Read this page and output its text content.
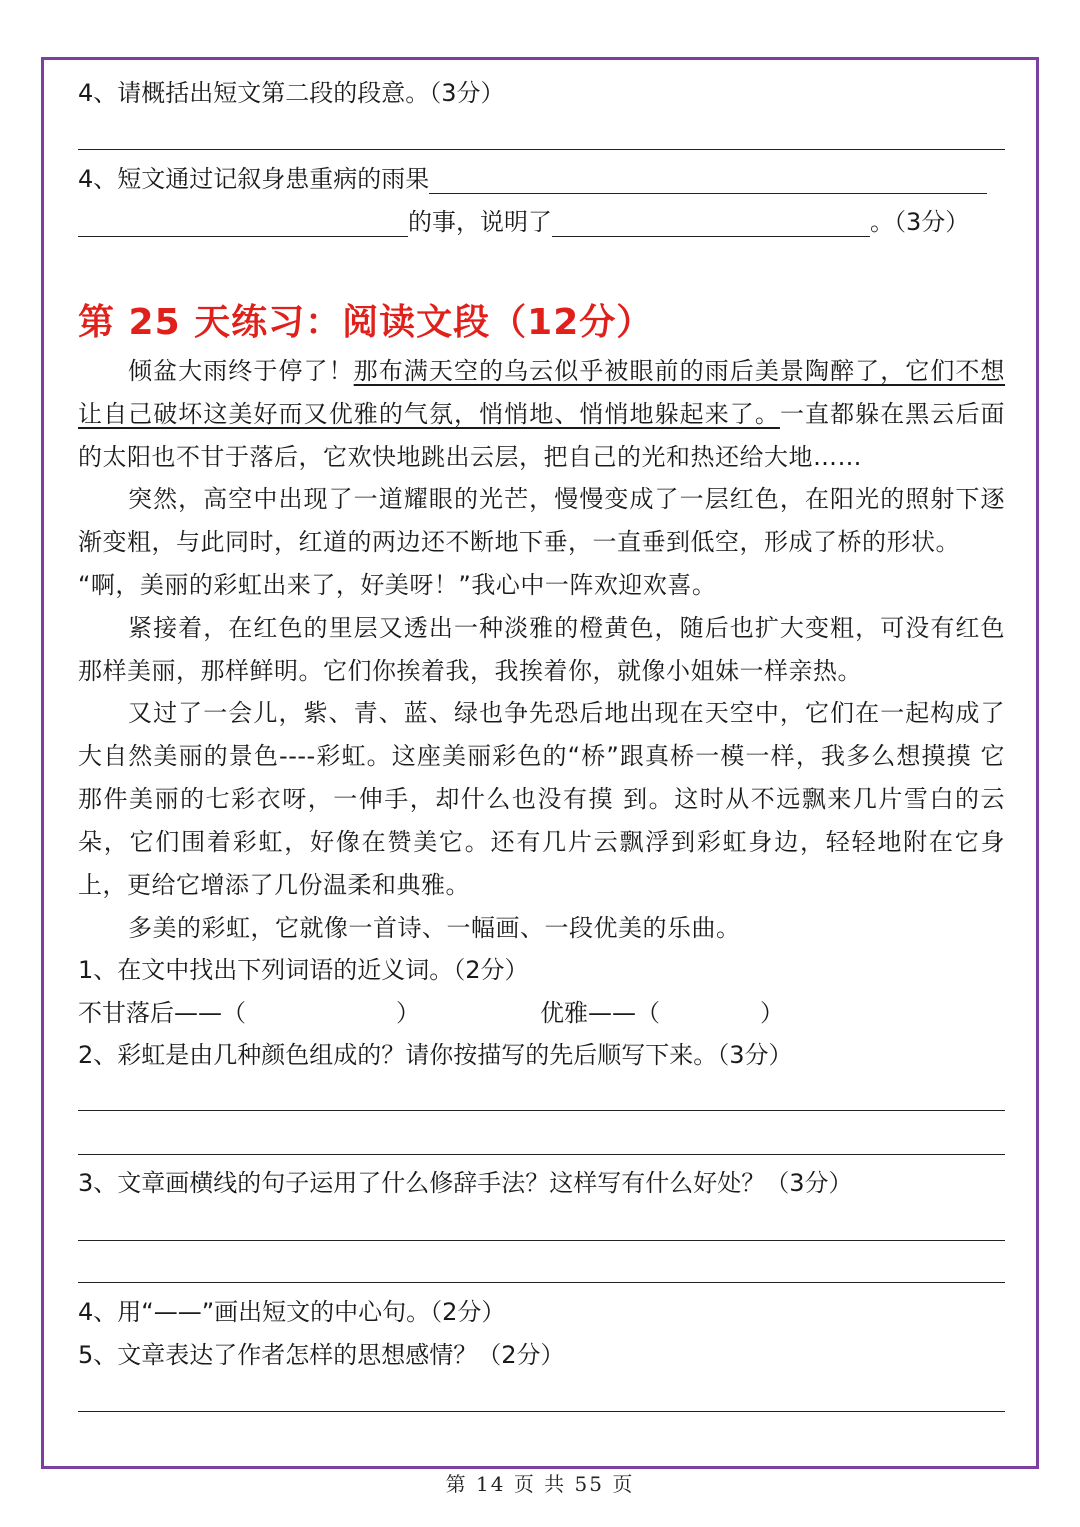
4、请概括出短文第二段的段意。（3分）
4、短文通过记叙身患重病的雨果
的事，说明了	。（3分）
第 25 天练习：阅读文段（12分）
倾盆大雨终于停了！那布满天空的乌云似乎被眼前的雨后美景陶醉了，它们不想让自己破坏这美好而又优雅的气氛，悄悄地、悄悄地躲起来了。一直都躲在黑云后面的太阳也不甘于落后，它欢快地跳出云层，把自己的光和热还给大地……
突然，高空中出现了一道耀眼的光芒，慢慢变成了一层红色，在阳光的照射下逐渐变粗，与此同时，红道的两边还不断地下垂，一直垂到低空，形成了桥的形状。
“啊，美丽的彩虹出来了，好美呀！”我心中一阵欢迎欢喜。
紧接着，在红色的里层又透出一种淡雅的橙黄色，随后也扩大变粗，可没有红色那样美丽，那样鲜明。它们你挨着我，我挨着你，就像小姐妹一样亲热。
又过了一会儿，紫、青、蓝、绿也争先恐后地出现在天空中，它们在一起构成了大自然美丽的景色----彩虹。这座美丽彩色的“桥”跟真桥一模一样，我多么想摸摸 它那件美丽的七彩衣呀，一伸手，却什么也没有摸 到。这时从不远飘来几片雪白的云朵，它们围着彩虹，好像在赞美它。还有几片云飘浮到彩虹身边，轻轻地附在它身上，更给它增添了几份温柔和典雅。
多美的彩虹，它就像一首诗、一幅画、一段优美的乐曲。
1、在文中找出下列词语的近义词。（2分）
不甘落后——（	）	优雅——（	）
2、彩虹是由几种颜色组成的？请你按描写的先后顺写下来。（3分）
3、文章画横线的句子运用了什么修辞手法？这样写有什么好处？（3分）
4、用“——”画出短文的中心句。（2分）
5、文章表达了作者怎样的思想感情？（2分）
第 14 页 共 55 页
